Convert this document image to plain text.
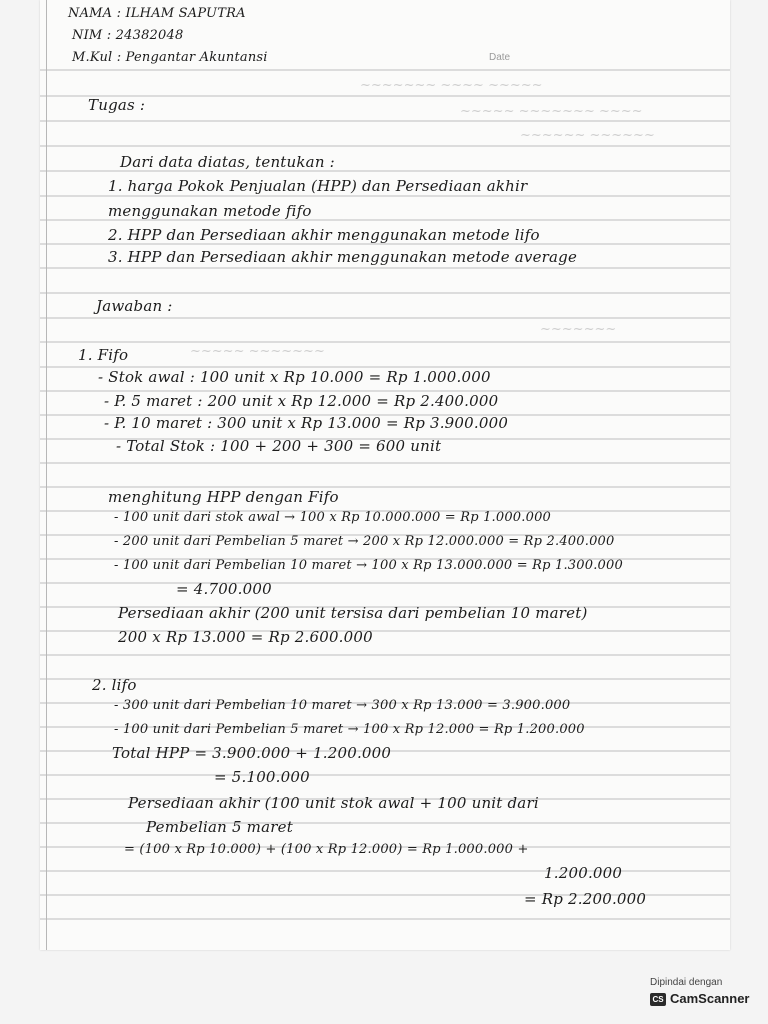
~~~~~~~ ~~~~ ~~~~~
~~~~~ ~~~~~~~ ~~~~
~~~~~~ ~~~~~~
~~~~~~~
~~~~~ ~~~~~~~
Date
NAMA : ILHAM SAPUTRA
NIM : 24382048
M.Kul : Pengantar Akuntansi
Tugas :
Dari data diatas, tentukan :
1. harga Pokok Penjualan (HPP) dan Persediaan akhir
menggunakan metode fifo
2. HPP dan Persediaan akhir menggunakan metode lifo
3. HPP dan Persediaan akhir menggunakan metode average
Jawaban :
1. Fifo
- Stok awal : 100 unit x Rp 10.000 = Rp 1.000.000
- P. 5 maret : 200 unit x Rp 12.000 = Rp 2.400.000
- P. 10 maret : 300 unit x Rp 13.000 = Rp 3.900.000
- Total Stok : 100 + 200 + 300 = 600 unit
menghitung HPP dengan Fifo
- 100 unit dari stok awal → 100 x Rp 10.000.000 = Rp 1.000.000
- 200 unit dari Pembelian 5 maret → 200 x Rp 12.000.000 = Rp 2.400.000
- 100 unit dari Pembelian 10 maret → 100 x Rp 13.000.000 = Rp 1.300.000
= 4.700.000
Persediaan akhir (200 unit tersisa dari pembelian 10 maret)
200 x Rp 13.000 = Rp 2.600.000
2. lifo
- 300 unit dari Pembelian 10 maret → 300 x Rp 13.000 = 3.900.000
- 100 unit dari Pembelian 5 maret → 100 x Rp 12.000 = Rp 1.200.000
Total HPP = 3.900.000 + 1.200.000
= 5.100.000
Persediaan akhir (100 unit stok awal + 100 unit dari
Pembelian 5 maret
= (100 x Rp 10.000) + (100 x Rp 12.000) = Rp 1.000.000 +
1.200.000
= Rp 2.200.000
Dipindai dengan
CS CamScanner
